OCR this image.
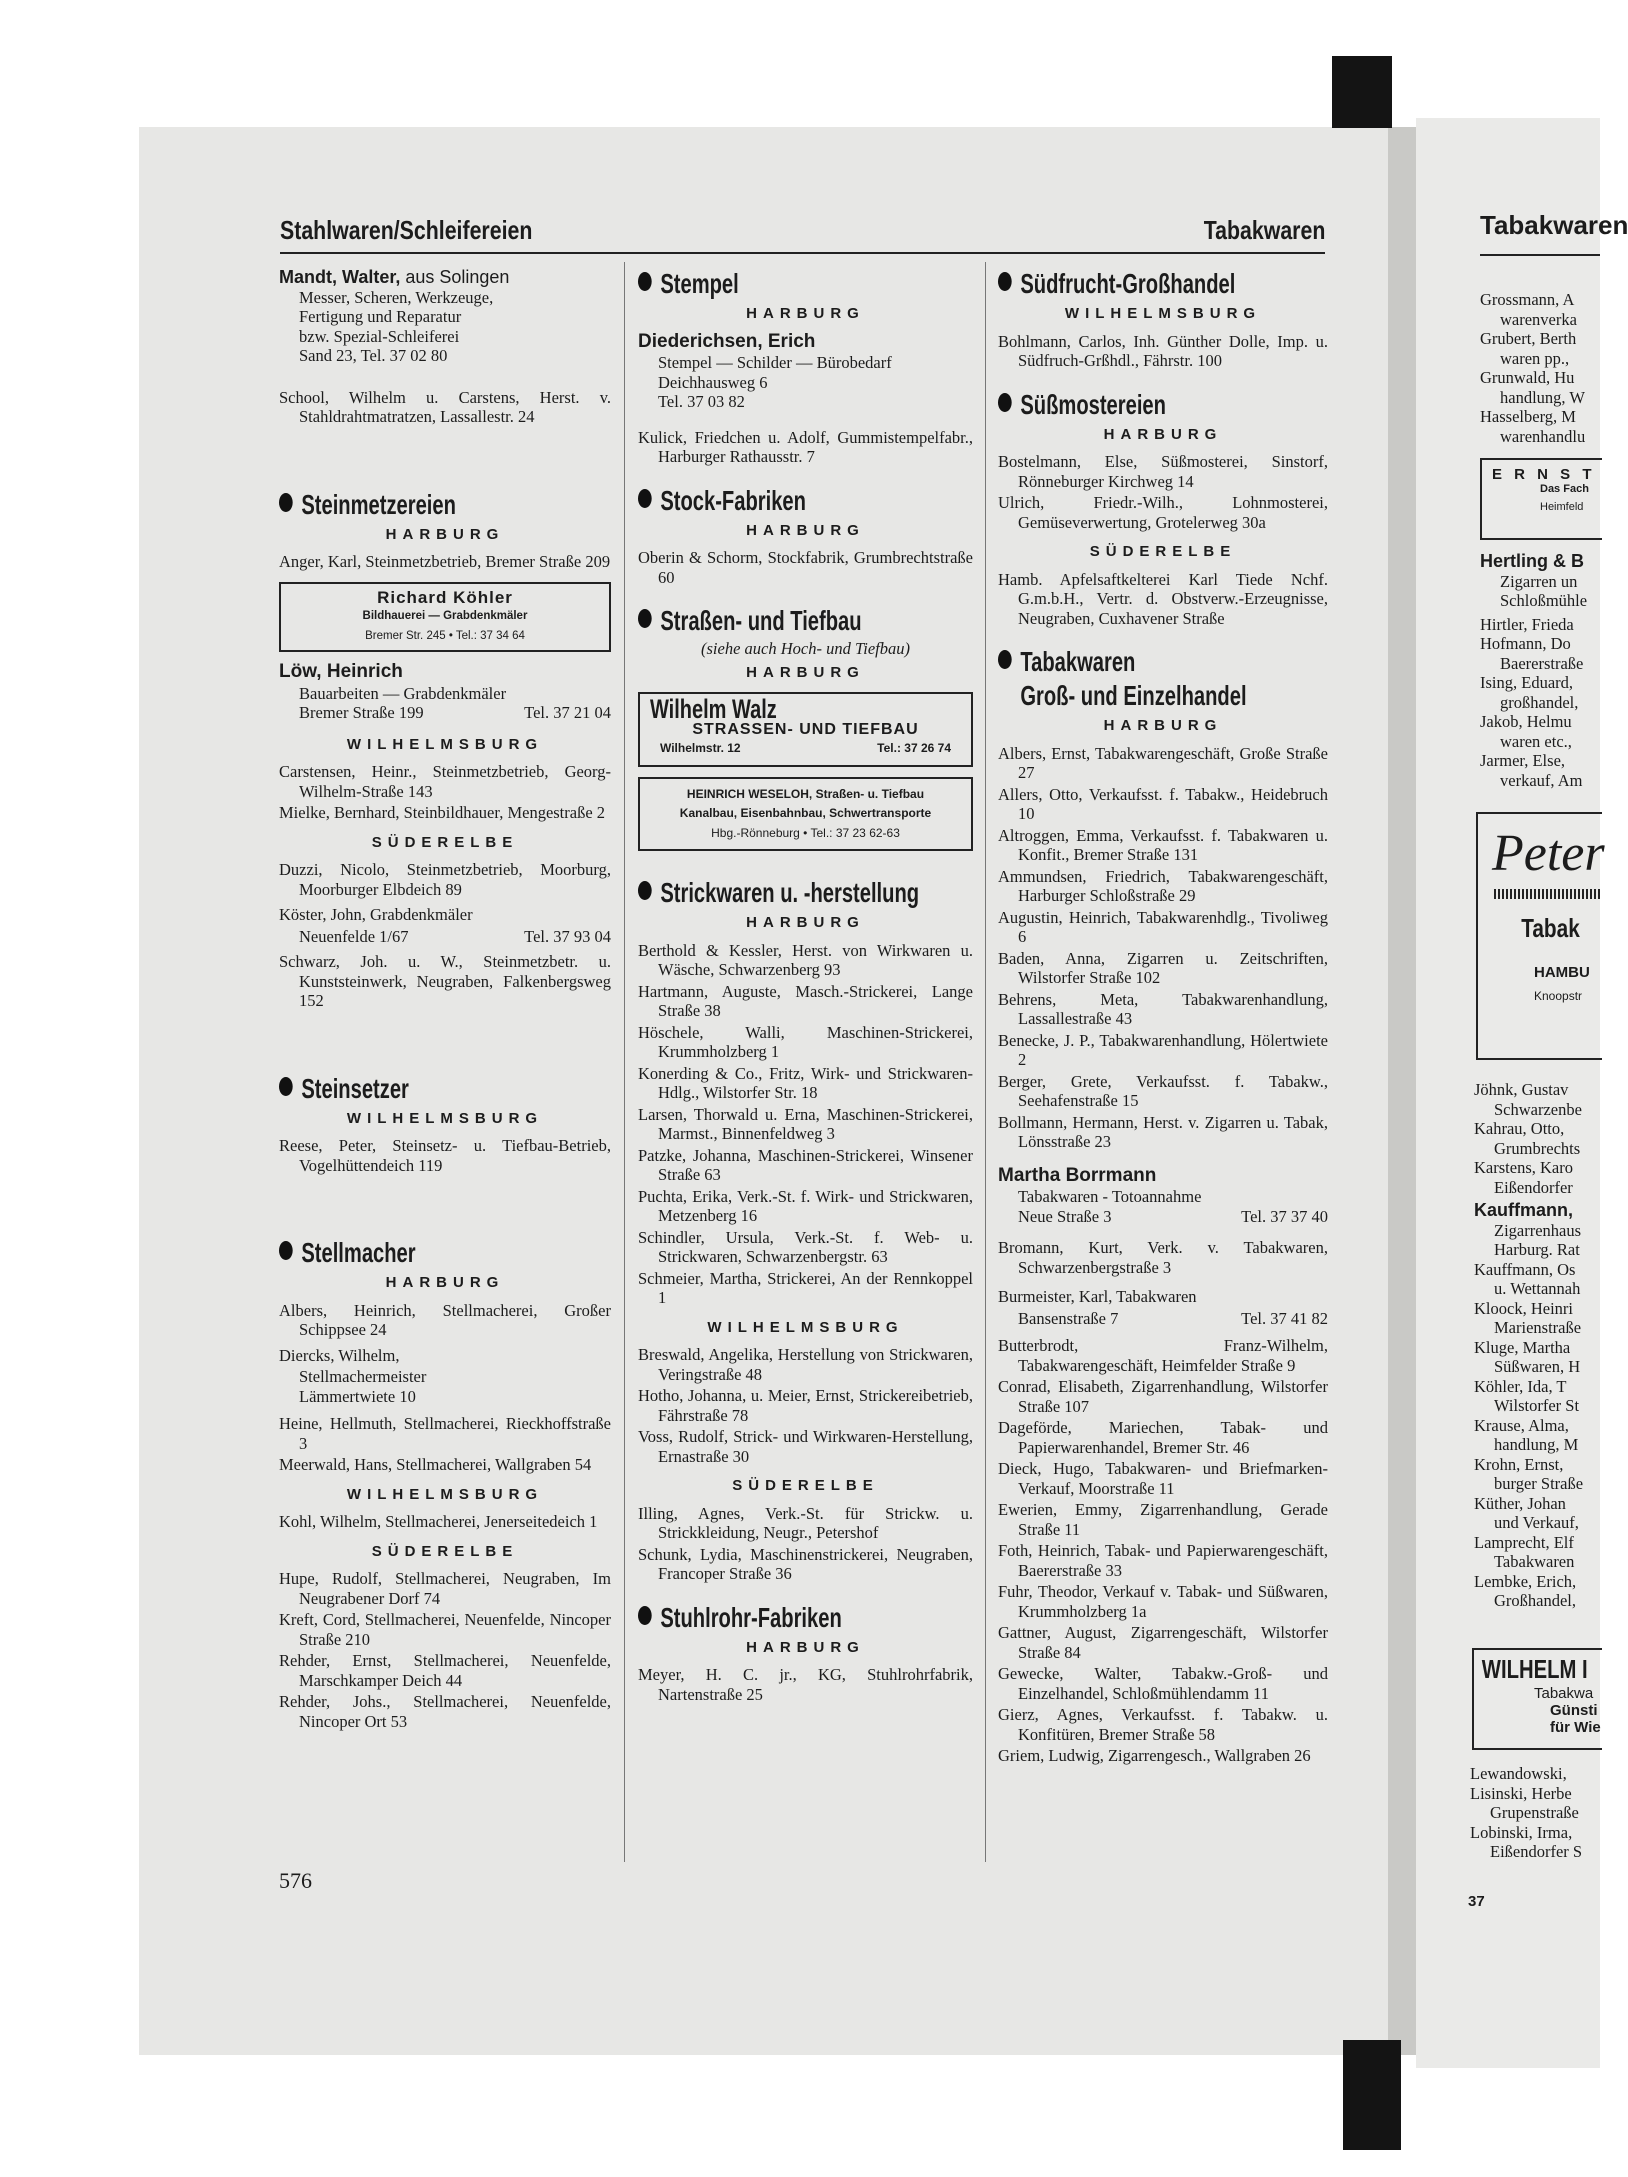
Stahlwaren/Schleifereien	Tabakwaren
Mandt, Walter, aus Solingen
Messer, Scheren, Werkzeuge,
Fertigung und Reparatur
bzw. Spezial-Schleiferei
Sand 23, Tel. 37 02 80
School, Wilhelm u. Carstens, Herst. v. Stahldrahtmatratzen, Lassallestr. 24
Steinmetzereien
HARBURG
Anger, Karl, Steinmetzbetrieb, Bremer Straße 209
Richard Köhler
Bildhauerei — Grabdenkmäler
Bremer Str. 245 • Tel.: 37 34 64
Löw, Heinrich
Bauarbeiten — Grabdenkmäler
Bremer Straße 199	Tel. 37 21 04
WILHELMSBURG
Carstensen, Heinr., Steinmetzbetrieb, Georg-Wilhelm-Straße 143
Mielke, Bernhard, Steinbildhauer, Mengestraße 2
SÜDERELBE
Duzzi, Nicolo, Steinmetzbetrieb, Moorburg, Moorburger Elbdeich 89
Köster, John, Grabdenkmäler
Neuenfelde 1/67	Tel. 37 93 04
Schwarz, Joh. u. W., Steinmetzbetr. u. Kunststeinwerk, Neugraben, Falkenbergsweg 152
Steinsetzer
WILHELMSBURG
Reese, Peter, Steinsetz- u. Tiefbau-Betrieb, Vogelhüttendeich 119
Stellmacher
HARBURG
Albers, Heinrich, Stellmacherei, Großer Schippsee 24
Diercks, Wilhelm,
Stellmachermeister
Lämmertwiete 10
Heine, Hellmuth, Stellmacherei, Rieckhoffstraße 3
Meerwald, Hans, Stellmacherei, Wallgraben 54
WILHELMSBURG
Kohl, Wilhelm, Stellmacherei, Jenerseitedeich 1
SÜDERELBE
Hupe, Rudolf, Stellmacherei, Neugraben, Im Neugrabener Dorf 74
Kreft, Cord, Stellmacherei, Neuenfelde, Nincoper Straße 210
Rehder, Ernst, Stellmacherei, Neuenfelde, Marschkamper Deich 44
Rehder, Johs., Stellmacherei, Neuenfelde, Nincoper Ort 53
Stempel
HARBURG
Diederichsen, Erich
Stempel — Schilder — Bürobedarf
Deichhausweg 6
Tel. 37 03 82
Kulick, Friedchen u. Adolf, Gummistempelfabr., Harburger Rathausstr. 7
Stock-Fabriken
HARBURG
Oberin & Schorm, Stockfabrik, Grumbrechtstraße 60
Straßen- und Tiefbau
(siehe auch Hoch- und Tiefbau)
HARBURG
Wilhelm Walz
STRASSEN- UND TIEFBAU
Wilhelmstr. 12	Tel.: 37 26 74
HEINRICH WESELOH, Straßen- u. Tiefbau
Kanalbau, Eisenbahnbau, Schwertransporte
Hbg.-Rönneburg • Tel.: 37 23 62-63
Strickwaren u. -herstellung
HARBURG
Berthold & Kessler, Herst. von Wirkwaren u. Wäsche, Schwarzenberg 93
Hartmann, Auguste, Masch.-Strickerei, Lange Straße 38
Höschele, Walli, Maschinen-Strickerei, Krummholzberg 1
Konerding & Co., Fritz, Wirk- und Strickwaren-Hdlg., Wilstorfer Str. 18
Larsen, Thorwald u. Erna, Maschinen-Strickerei, Marmst., Binnenfeldweg 3
Patzke, Johanna, Maschinen-Strickerei, Winsener Straße 63
Puchta, Erika, Verk.-St. f. Wirk- und Strickwaren, Metzenberg 16
Schindler, Ursula, Verk.-St. f. Web- u. Strickwaren, Schwarzenbergstr. 63
Schmeier, Martha, Strickerei, An der Rennkoppel 1
WILHELMSBURG
Breswald, Angelika, Herstellung von Strickwaren, Veringstraße 48
Hotho, Johanna, u. Meier, Ernst, Strickereibetrieb, Fährstraße 78
Voss, Rudolf, Strick- und Wirkwaren-Herstellung, Ernastraße 30
SÜDERELBE
Illing, Agnes, Verk.-St. für Strickw. u. Strickkleidung, Neugr., Petershof
Schunk, Lydia, Maschinenstrickerei, Neugraben, Francoper Straße 36
Stuhlrohr-Fabriken
HARBURG
Meyer, H. C. jr., KG, Stuhlrohrfabrik, Nartenstraße 25
Südfrucht-Großhandel
WILHELMSBURG
Bohlmann, Carlos, Inh. Günther Dolle, Imp. u. Südfruch-Grßhdl., Fährstr. 100
Süßmostereien
HARBURG
Bostelmann, Else, Süßmosterei, Sinstorf, Rönneburger Kirchweg 14
Ulrich, Friedr.-Wilh., Lohnmosterei, Gemüseverwertung, Grotelerweg 30a
SÜDERELBE
Hamb. Apfelsaftkelterei Karl Tiede Nchf. G.m.b.H., Vertr. d. Obstverw.-Erzeugnisse, Neugraben, Cuxhavener Straße
Tabakwaren
Groß- und Einzelhandel
HARBURG
Albers, Ernst, Tabakwarengeschäft, Große Straße 27
Allers, Otto, Verkaufsst. f. Tabakw., Heidebruch 10
Altroggen, Emma, Verkaufsst. f. Tabakwaren u. Konfit., Bremer Straße 131
Ammundsen, Friedrich, Tabakwarengeschäft, Harburger Schloßstraße 29
Augustin, Heinrich, Tabakwarenhdlg., Tivoliweg 6
Baden, Anna, Zigarren u. Zeitschriften, Wilstorfer Straße 102
Behrens, Meta, Tabakwarenhandlung, Lassallestraße 43
Benecke, J. P., Tabakwarenhandlung, Hölertwiete 2
Berger, Grete, Verkaufsst. f. Tabakw., Seehafenstraße 15
Bollmann, Hermann, Herst. v. Zigarren u. Tabak, Lönsstraße 23
Martha Borrmann
Tabakwaren - Totoannahme
Neue Straße 3	Tel. 37 37 40
Bromann, Kurt, Verk. v. Tabakwaren, Schwarzenbergstraße 3
Burmeister, Karl, Tabakwaren
Bansenstraße 7	Tel. 37 41 82
Butterbrodt, Franz-Wilhelm, Tabakwarengeschäft, Heimfelder Straße 9
Conrad, Elisabeth, Zigarrenhandlung, Wilstorfer Straße 107
Dageförde, Mariechen, Tabak- und Papierwarenhandel, Bremer Str. 46
Dieck, Hugo, Tabakwaren- und Briefmarken-Verkauf, Moorstraße 11
Ewerien, Emmy, Zigarrenhandlung, Gerade Straße 11
Foth, Heinrich, Tabak- und Papierwarengeschäft, Baererstraße 33
Fuhr, Theodor, Verkauf v. Tabak- und Süßwaren, Krummholzberg 1a
Gattner, August, Zigarrengeschäft, Wilstorfer Straße 84
Gewecke, Walter, Tabakw.-Groß- und Einzelhandel, Schloßmühlendamm 11
Gierz, Agnes, Verkaufsst. f. Tabakw. u. Konfitüren, Bremer Straße 58
Griem, Ludwig, Zigarrengesch., Wallgraben 26
576
Tabakwaren
Grossmann, A
warenverka
Grubert, Berth
waren pp.,
Grunwald, Hu
handlung, W
Hasselberg, M
warenhandlu
E R N S T
Das Fach
Heimfeld
Hertling & B
Zigarren un
Schloßmühle
Hirtler, Frieda
Hofmann, Do
Baererstraße
Ising, Eduard,
großhandel,
Jakob, Helmu
waren etc.,
Jarmer, Else,
verkauf, Am
Peter
Tabak
HAMBU
Knoopstr
Jöhnk, Gustav
Schwarzenbe
Kahrau, Otto,
Grumbrechts
Karstens, Karo
Eißendorfer
Kauffmann,
Zigarrenhaus
Harburg. Rat
Kauffmann, Os
u. Wettannah
Kloock, Heinri
Marienstraße
Kluge, Martha
Süßwaren, H
Köhler, Ida, T
Wilstorfer St
Krause, Alma,
handlung, M
Krohn, Ernst,
burger Straße
Küther, Johan
und Verkauf,
Lamprecht, Elf
Tabakwaren
Lembke, Erich,
Großhandel,
WILHELM I
Tabakwa
Günsti
für Wie
Lewandowski,
Lisinski, Herbe
Grupenstraße
Lobinski, Irma,
Eißendorfer S
37
